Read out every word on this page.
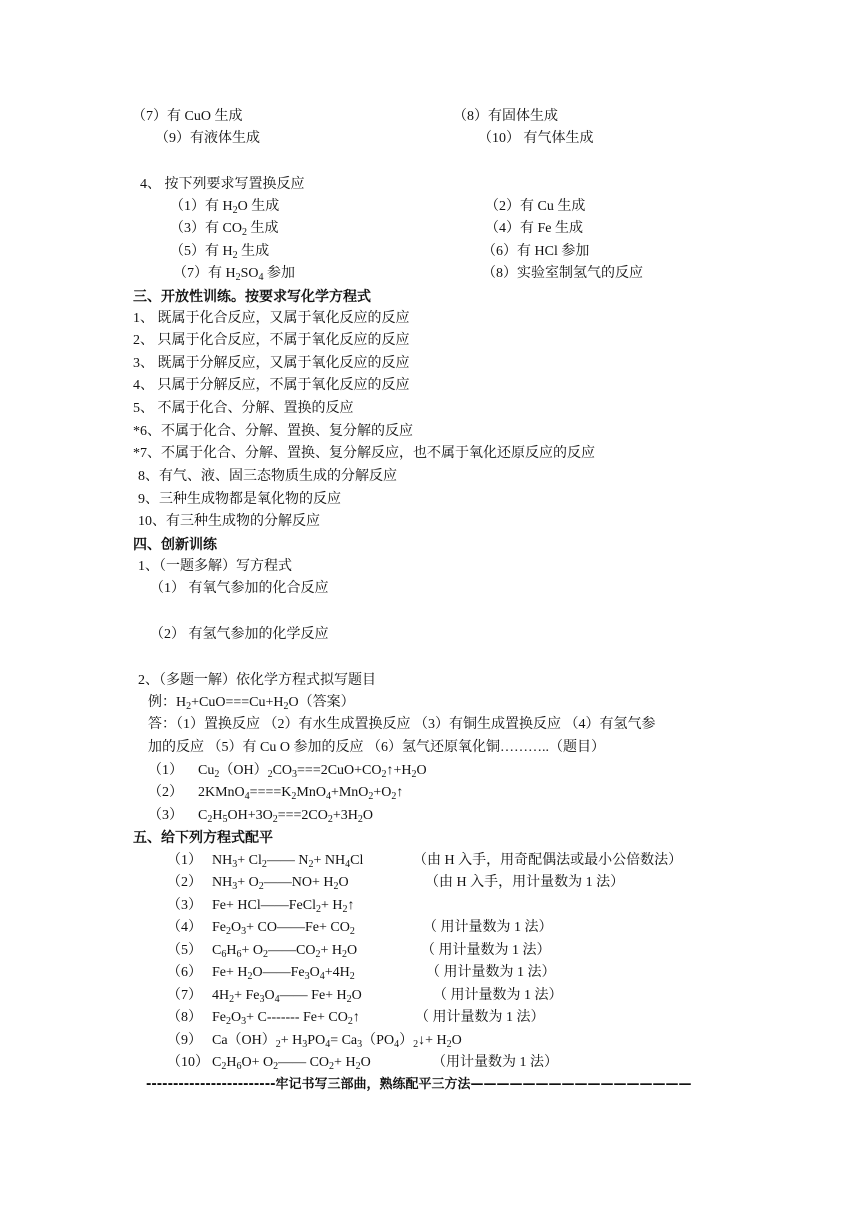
（7）有 CuO 生成	（8）有固体生成
（9）有液体生成	（10） 有气体生成
4、 按下列要求写置换反应
（1）有 $H_2O$ 生成	（2）有 Cu 生成
（3）有 $CO_2$ 生成	（4）有 Fe 生成
（5）有 $H_2$ 生成	（6）有 HCl 参加
（7）有 $H_2SO_4$ 参加	（8）实验室制氢气的反应
三、开放性训练。按要求写化学方程式
1、 既属于化合反应，又属于氧化反应的反应
2、 只属于化合反应，不属于氧化反应的反应
3、 既属于分解反应，又属于氧化反应的反应
4、 只属于分解反应，不属于氧化反应的反应
5、 不属于化合、分解、置换的反应
*6、不属于化合、分解、置换、复分解的反应
*7、不属于化合、分解、置换、复分解反应，也不属于氧化还原反应的反应
8、有气、液、固三态物质生成的分解反应
9、三种生成物都是氧化物的反应
10、有三种生成物的分解反应
四、创新训练
1、（一题多解）写方程式
（1） 有氧气参加的化合反应
（2） 有氢气参加的化学反应
2、（多题一解）依化学方程式拟写题目
例：$H_2+CuO===Cu+H_2O$（答案）
答：（1）置换反应 （2）有水生成置换反应 （3）有铜生成置换反应 （4）有氢气参
加的反应 （5）有 Cu O 参加的反应 （6）氢气还原氧化铜………..（题目）
（1） $Cu_2(OH)_2CO_3===2CuO+CO_2↑+H_2O$
（2） $2KMnO_4====K_2MnO_4+MnO_2+O_2↑$
（3） $C_2H_5OH+3O_2===2CO_2+3H_2O$
五、给下列方程式配平
（1） $NH_3+$ $Cl_2——$ $N_2+ NH_4Cl$	（由 H 入手，用奇配偶法或最小公倍数法）
（2） $NH_3+$ $O_2——NO+ H_2O$	（由 H 入手，用计量数为 1 法）
（3） Fe+ HCl——FeCl$_2$+ $H_2↑$
（4） $Fe_2O_3+$ CO——Fe+ $CO_2$	（ 用计量数为 1 法）
（5） $C_6H_6+$ $O_2——CO_2+ H_2O$	（ 用计量数为 1 法）
（6） $Fe+ H_2O——Fe_3O_4+4H_2$	（ 用计量数为 1 法）
（7） $4H_2+$ $Fe_3O_4——$ $Fe+ H_2O$	（ 用计量数为 1 法）
（8） $Fe_2O_3+ C-------$ $Fe+ CO_2↑$	（ 用计量数为 1 法）
（9） $Ca(OH)_2+ H_3PO_4=$ $Ca_3(PO_4)_2↓+ H_2O$
（10） $C_2H_6O+$ $O_2——$ $CO_2+ H_2O$	（用计量数为 1 法）
------------------------牢记书写三部曲，熟练配平三方法—————————————————
